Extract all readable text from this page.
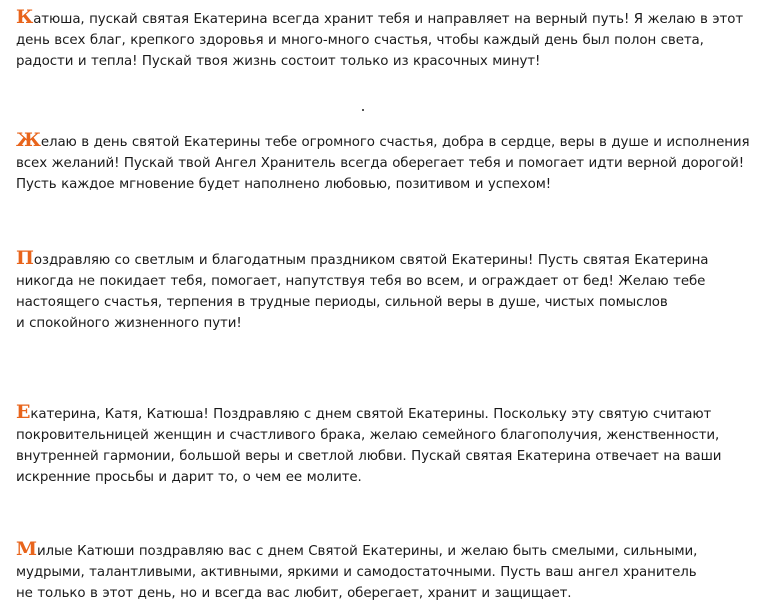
Катюша, пускай святая Екатерина всегда хранит тебя и направляет на верный путь! Я желаю в этот
день всех благ, крепкого здоровья и много-много счастья, чтобы каждый день был полон света,
радости и тепла! Пускай твоя жизнь состоит только из красочных минут!

Желаю в день святой Екатерины тебе огромного счастья, добра в сердце, веры в душе и исполнения
всех желаний! Пускай твой Ангел Хранитель всегда оберегает тебя и помогает идти верной дорогой!
Пусть каждое мгновение будет наполнено любовью, позитивом и успехом!

Поздравляю со светлым и благодатным праздником святой Екатерины! Пусть святая Екатерина
никогда не покидает тебя, помогает, напутствуя тебя во всем, и ограждает от бед! Желаю тебе
настоящего счастья, терпения в трудные периоды, сильной веры в душе, чистых помыслов
и спокойного жизненного пути!

Екатерина, Катя, Катюша! Поздравляю с днем святой Екатерины. Поскольку эту святую считают
покровительницей женщин и счастливого брака, желаю семейного благополучия, женственности,
внутренней гармонии, большой веры и светлой любви. Пускай святая Екатерина отвечает на ваши
искренние просьбы и дарит то, о чем ее молите.

Милые Катюши поздравляю вас с днем Святой Екатерины, и желаю быть смелыми, сильными,
мудрыми, талантливыми, активными, яркими и самодостаточными. Пусть ваш ангел хранитель
не только в этот день, но и всегда вас любит, оберегает, хранит и защищает.
